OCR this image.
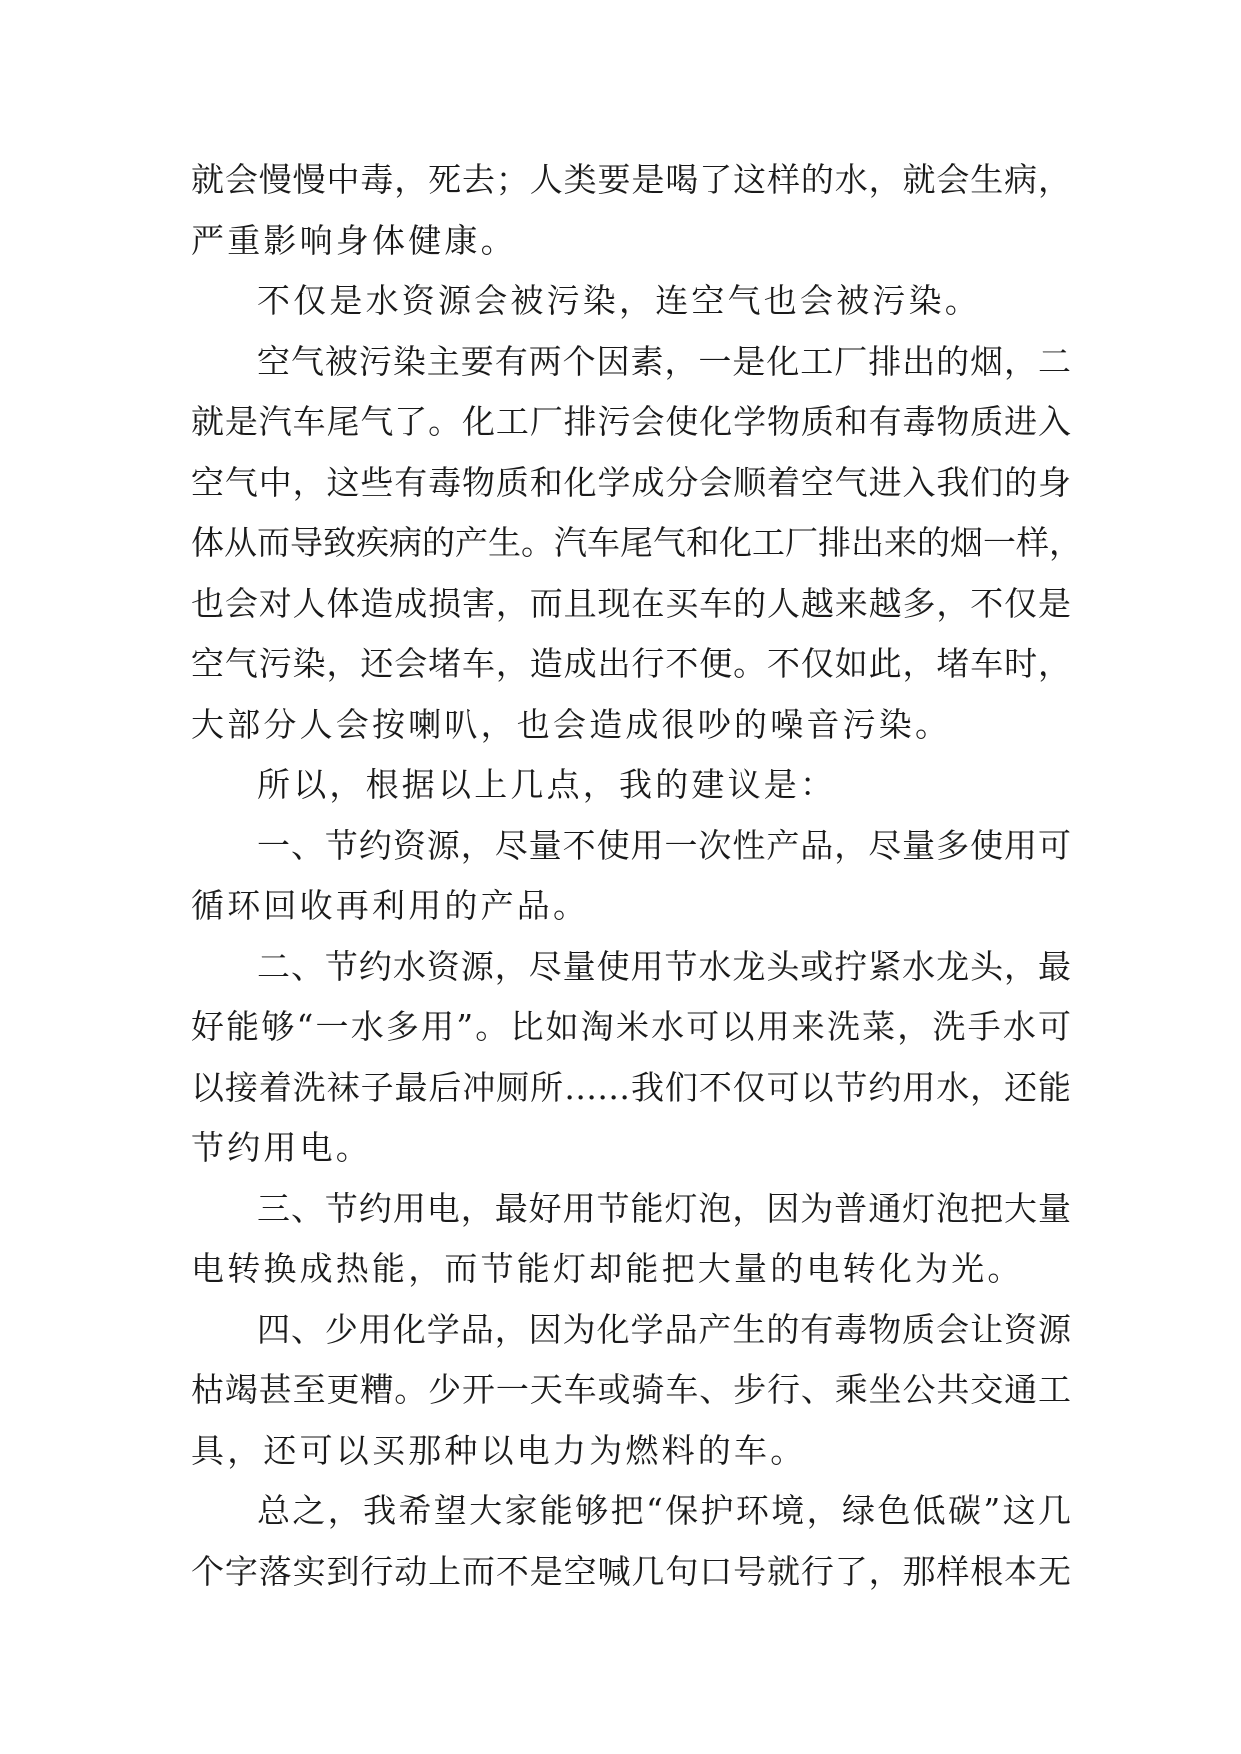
就会慢慢中毒，死去；人类要是喝了这样的水，就会生病，
严重影响身体健康。
不仅是水资源会被污染，连空气也会被污染。
空气被污染主要有两个因素，一是化工厂排出的烟，二
就是汽车尾气了。化工厂排污会使化学物质和有毒物质进入
空气中，这些有毒物质和化学成分会顺着空气进入我们的身
体从而导致疾病的产生。汽车尾气和化工厂排出来的烟一样，
也会对人体造成损害，而且现在买车的人越来越多，不仅是
空气污染，还会堵车，造成出行不便。不仅如此，堵车时，
大部分人会按喇叭，也会造成很吵的噪音污染。
所以，根据以上几点，我的建议是：
一、节约资源，尽量不使用一次性产品，尽量多使用可
循环回收再利用的产品。
二、节约水资源，尽量使用节水龙头或拧紧水龙头，最
好能够“一水多用”。比如淘米水可以用来洗菜，洗手水可
以接着洗袜子最后冲厕所……我们不仅可以节约用水，还能
节约用电。
三、节约用电，最好用节能灯泡，因为普通灯泡把大量
电转换成热能，而节能灯却能把大量的电转化为光。
四、少用化学品，因为化学品产生的有毒物质会让资源
枯竭甚至更糟。少开一天车或骑车、步行、乘坐公共交通工
具，还可以买那种以电力为燃料的车。
总之，我希望大家能够把“保护环境，绿色低碳”这几
个字落实到行动上而不是空喊几句口号就行了，那样根本无
